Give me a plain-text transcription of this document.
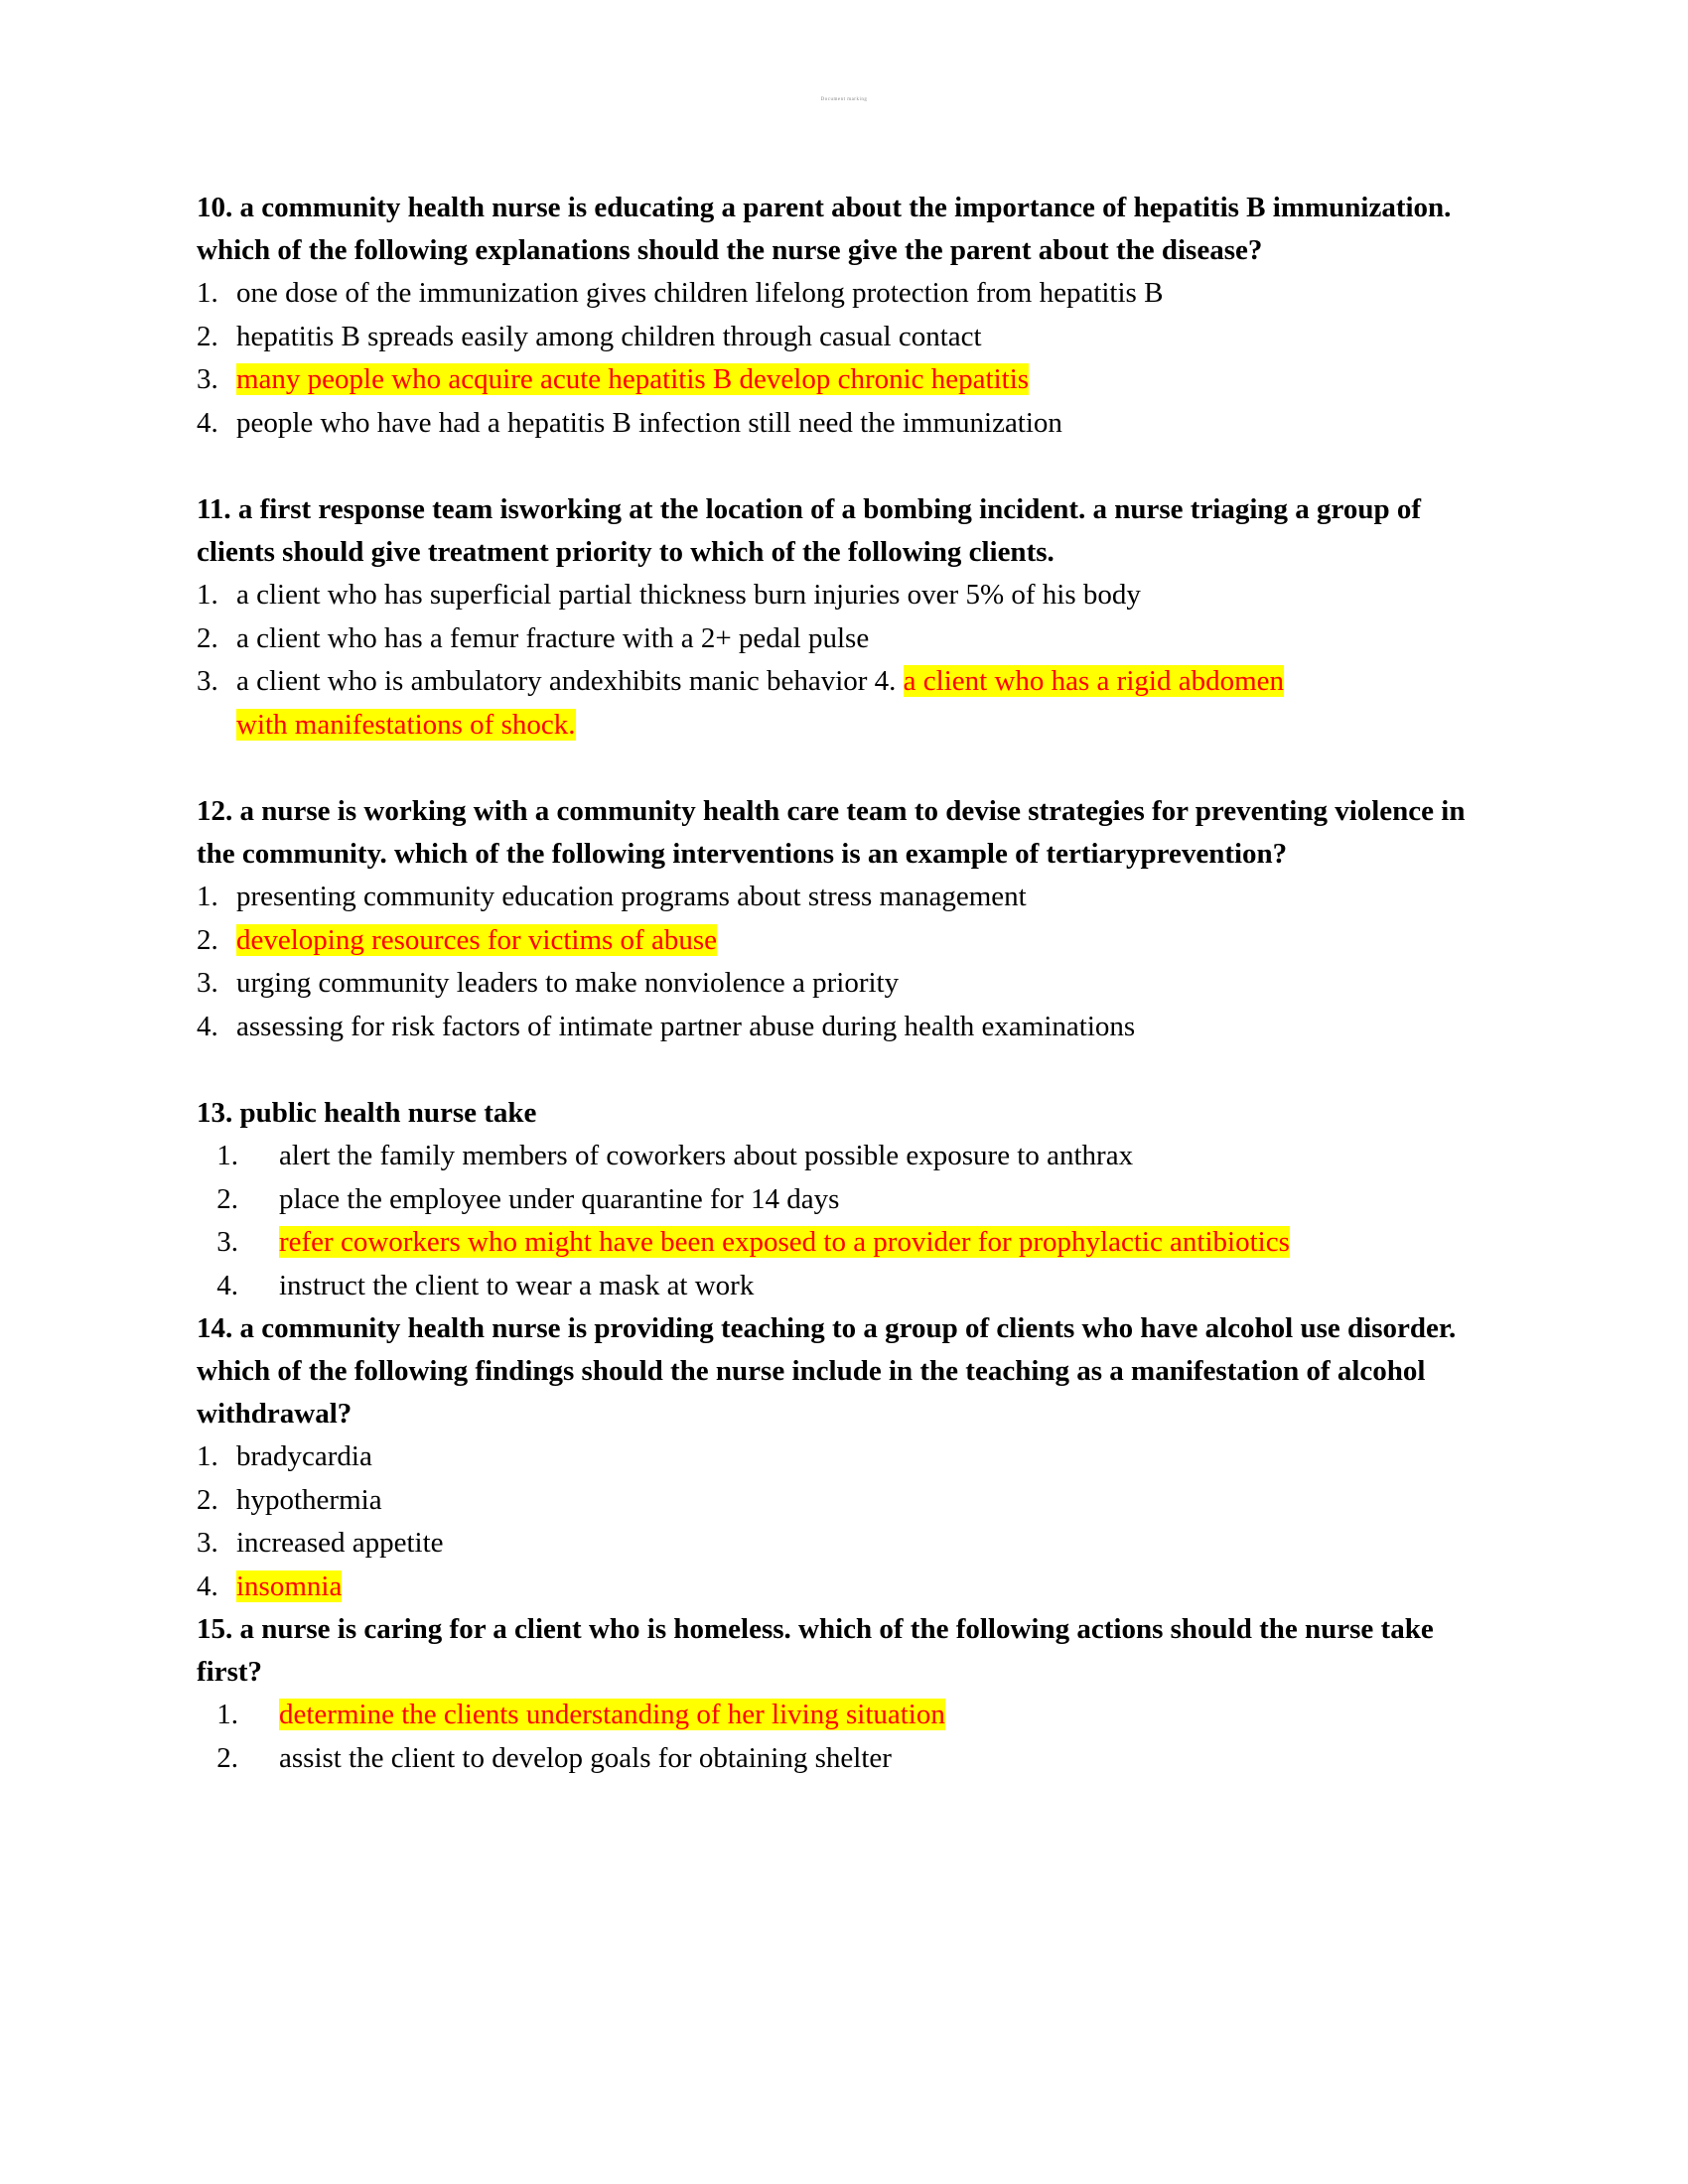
Document marking
10. a community health nurse is educating a parent about the importance of hepatitis B immunization. which of the following explanations should the nurse give the parent about the disease?
1. one dose of the immunization gives children lifelong protection from hepatitis B
2. hepatitis B spreads easily among children through casual contact
3. many people who acquire acute hepatitis B develop chronic hepatitis
4. people who have had a hepatitis B infection still need the immunization
11. a first response team isworking at the location of a bombing incident. a nurse triaging a group of clients should give treatment priority to which of the following clients.
1. a client who has superficial partial thickness burn injuries over 5% of his body
2. a client who has a femur fracture with a 2+ pedal pulse
3. a client who is ambulatory andexhibits manic behavior 4. a client who has a rigid abdomen
with manifestations of shock.
12. a nurse is working with a community health care team to devise strategies for preventing violence in the community. which of the following interventions is an example of tertiaryprevention?
1. presenting community education programs about stress management
2. developing resources for victims of abuse
3. urging community leaders to make nonviolence a priority
4. assessing for risk factors of intimate partner abuse during health examinations
13. public health nurse take
1.	alert the family members of coworkers about possible exposure to anthrax
2.	place the employee under quarantine for 14 days
3.	refer coworkers who might have been exposed to a provider for prophylactic antibiotics
4.	instruct the client to wear a mask at work
14. a community health nurse is providing teaching to a group of clients who have alcohol use disorder. which of the following findings should the nurse include in the teaching as a manifestation of alcohol withdrawal?
1. bradycardia
2. hypothermia
3. increased appetite
4. insomnia
15. a nurse is caring for a client who is homeless. which of the following actions should the nurse take first?
1.	determine the clients understanding of her living situation
2.	assist the client to develop goals for obtaining shelter
